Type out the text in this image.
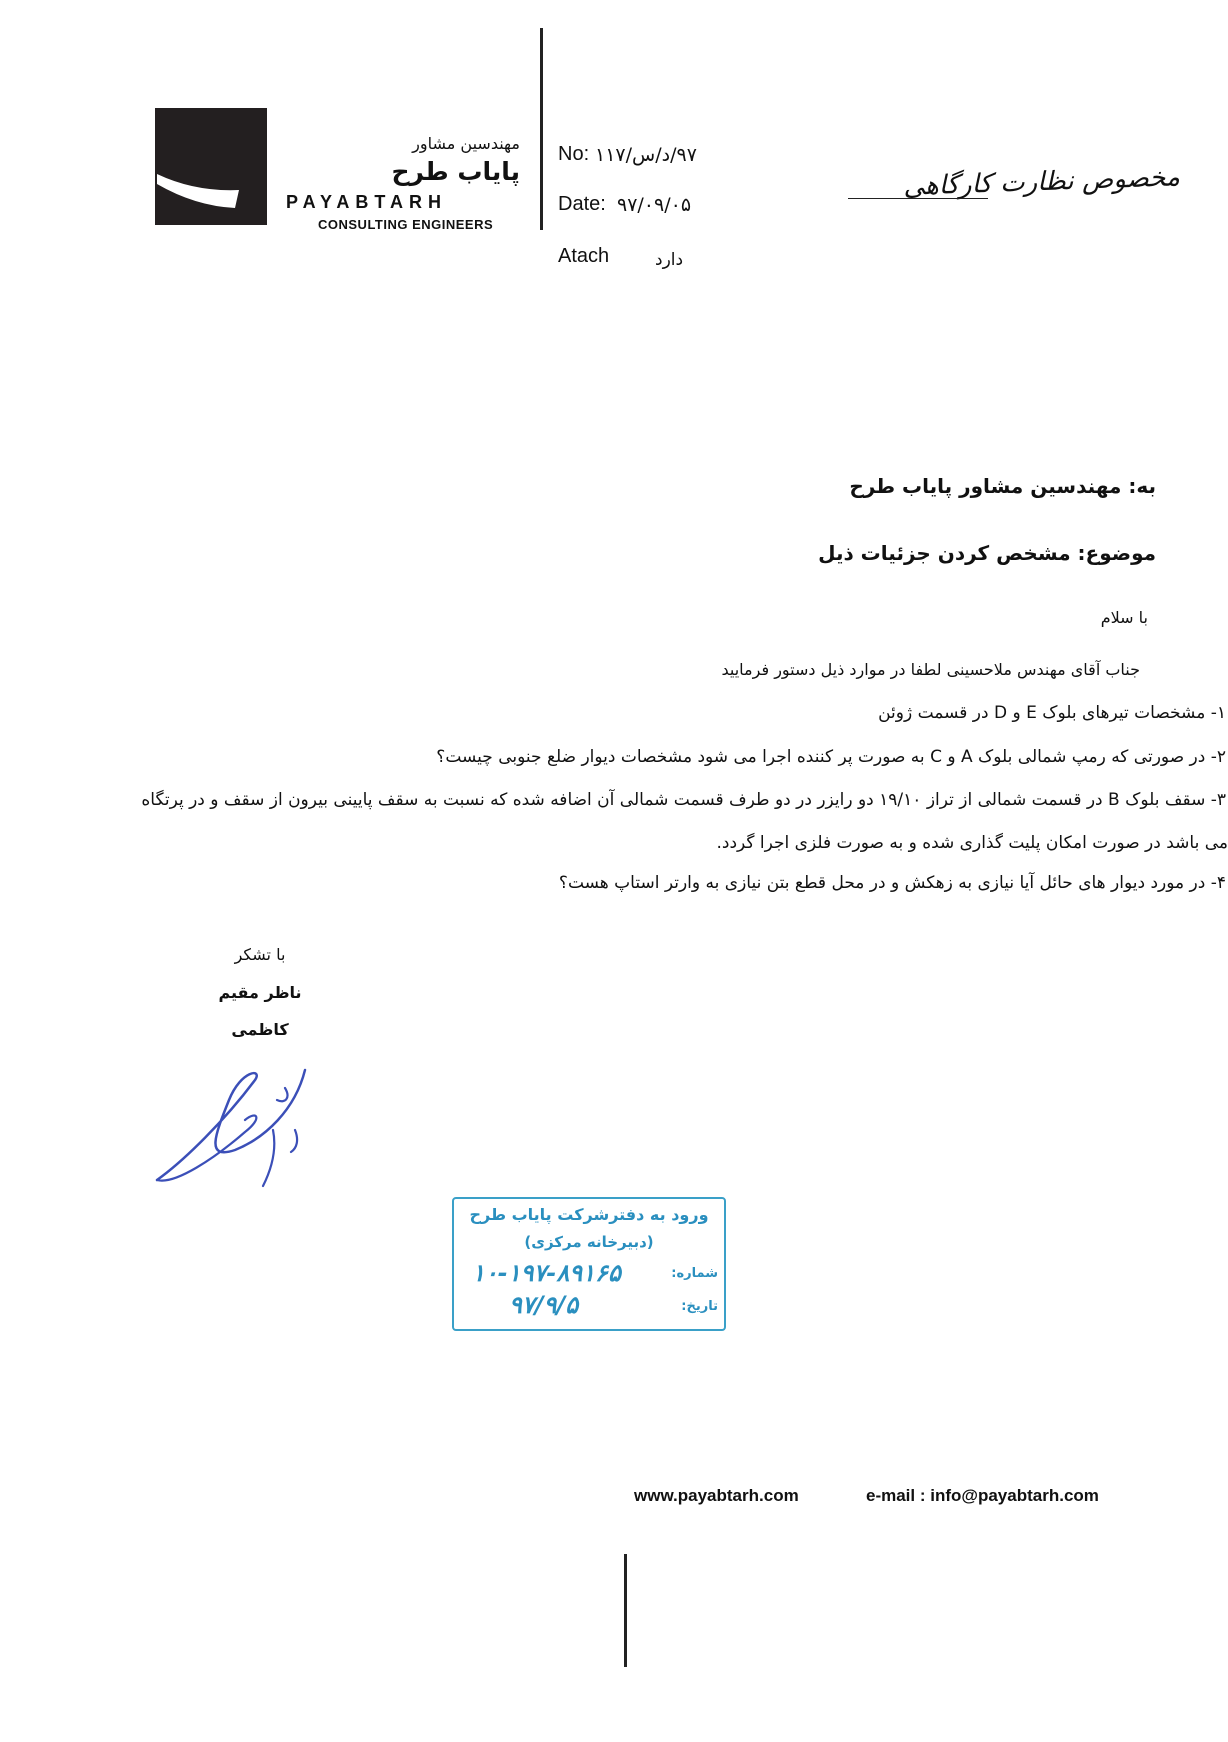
مهندسین مشاور
پایاب طرح
PAYABTARH
CONSULTING ENGINEERS
No: ۹۷/د/س/۱۱۷
Date: ۹۷/۰۹/۰۵
Atach	دارد
مخصوص نظارت کارگاهی
به: مهندسین مشاور پایاب طرح
موضوع: مشخص کردن جزئیات ذیل
با سلام
جناب آقای مهندس ملاحسینی لطفا در موارد ذیل دستور فرمایید
۱- مشخصات تیرهای بلوک E و D در قسمت ژوئن
۲- در صورتی که رمپ شمالی بلوک A و C به صورت پر کننده اجرا می شود مشخصات دیوار ضلع جنوبی چیست؟
۳- سقف بلوک B در قسمت شمالی از تراز ۱۹/۱۰ دو رایزر در دو طرف قسمت شمالی آن اضافه شده که نسبت به سقف پایینی بیرون از سقف و در پرتگاه
می باشد در صورت امکان پلیت گذاری شده و به صورت فلزی اجرا گردد.
۴- در مورد دیوار های حائل آیا نیازی به زهکش و در محل قطع بتن نیازی به وارتر استاپ هست؟
با تشکر
ناظر مقیم
کاظمی
ورود به دفترشرکت پایاب طرح
(دبیرخانه مرکزی)
شماره:
۱۰-۱۹۷-۸۹۱۶۵
تاریخ:
۹۷/۹/۵
www.payabtarh.com	e-mail : info@payabtarh.com
